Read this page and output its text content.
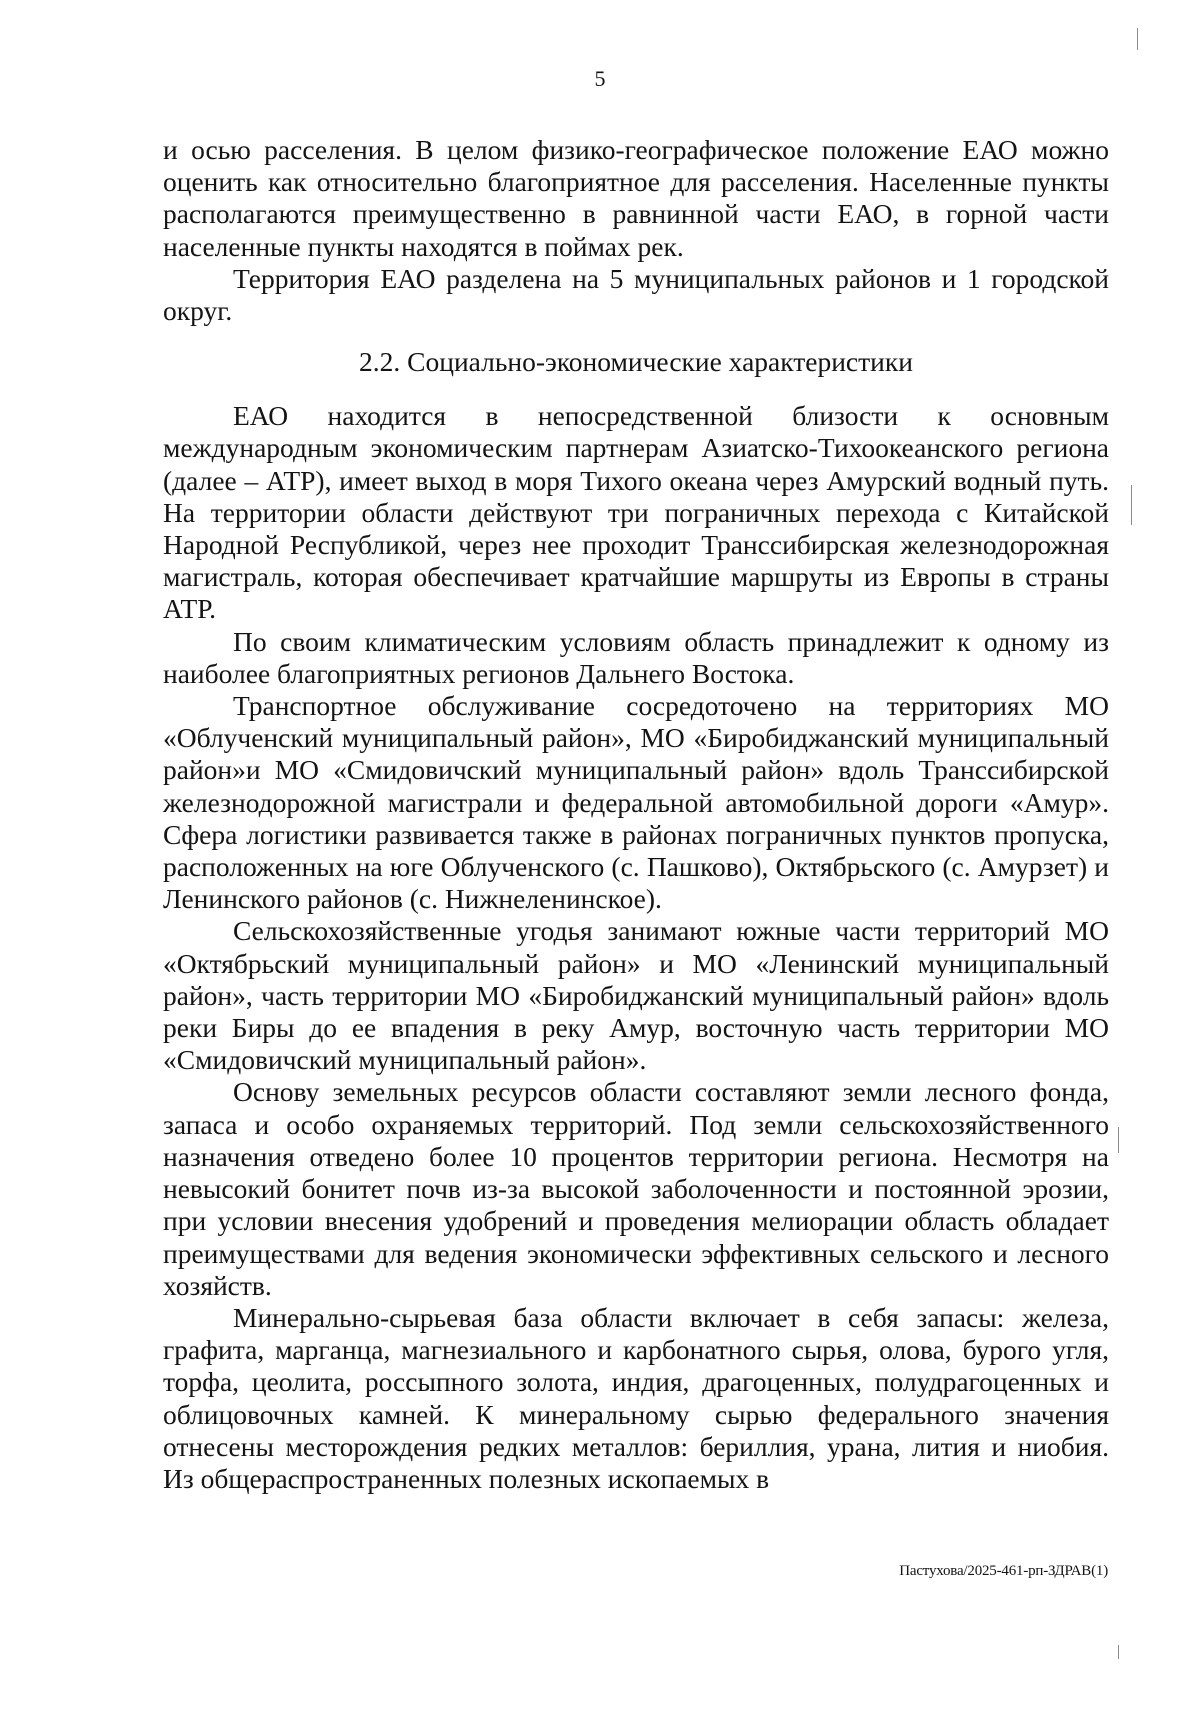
5

и осью расселения. В целом физико-географическое положение ЕАО можно оценить как относительно благоприятное для расселения. Населенные пункты располагаются преимущественно в равнинной части ЕАО, в горной части населенные пункты находятся в поймах рек.

Территория ЕАО разделена на 5 муниципальных районов и 1 городской округ.

2.2. Социально-экономические характеристики

ЕАО находится в непосредственной близости к основным международным экономическим партнерам Азиатско-Тихоокеанского региона (далее – АТР), имеет выход в моря Тихого океана через Амурский водный путь. На территории области действуют три пограничных перехода с Китайской Народной Республикой, через нее проходит Транссибирская железнодорожная магистраль, которая обеспечивает кратчайшие маршруты из Европы в страны АТР.

По своим климатическим условиям область принадлежит к одному из наиболее благоприятных регионов Дальнего Востока.

Транспортное обслуживание сосредоточено на территориях МО «Облученский муниципальный район», МО «Биробиджанский муниципальный район»и МО «Смидовичский муниципальный район» вдоль Транссибирской железнодорожной магистрали и федеральной автомобильной дороги «Амур». Сфера логистики развивается также в районах пограничных пунктов пропуска, расположенных на юге Облученского (с. Пашково), Октябрьского (с. Амурзет) и Ленинского районов (с. Нижнеленинское).

Сельскохозяйственные угодья занимают южные части территорий МО «Октябрьский муниципальный район» и МО «Ленинский муниципальный район», часть территории МО «Биробиджанский муниципальный район» вдоль реки Биры до ее впадения в реку Амур, восточную часть территории МО «Смидовичский муниципальный район».

Основу земельных ресурсов области составляют земли лесного фонда, запаса и особо охраняемых территорий. Под земли сельскохозяйственного назначения отведено более 10 процентов территории региона. Несмотря на невысокий бонитет почв из-за высокой заболоченности и постоянной эрозии, при условии внесения удобрений и проведения мелиорации область обладает преимуществами для ведения экономически эффективных сельского и лесного хозяйств.

Минерально-сырьевая база области включает в себя запасы: железа, графита, марганца, магнезиального и карбонатного сырья, олова, бурого угля, торфа, цеолита, россыпного золота, индия, драгоценных, полудрагоценных и облицовочных камней. К минеральному сырью федерального значения отнесены месторождения редких металлов: бериллия, урана, лития и ниобия. Из общераспространенных полезных ископаемых в

Пастухова/2025-461-рп-ЗДРАВ(1)
